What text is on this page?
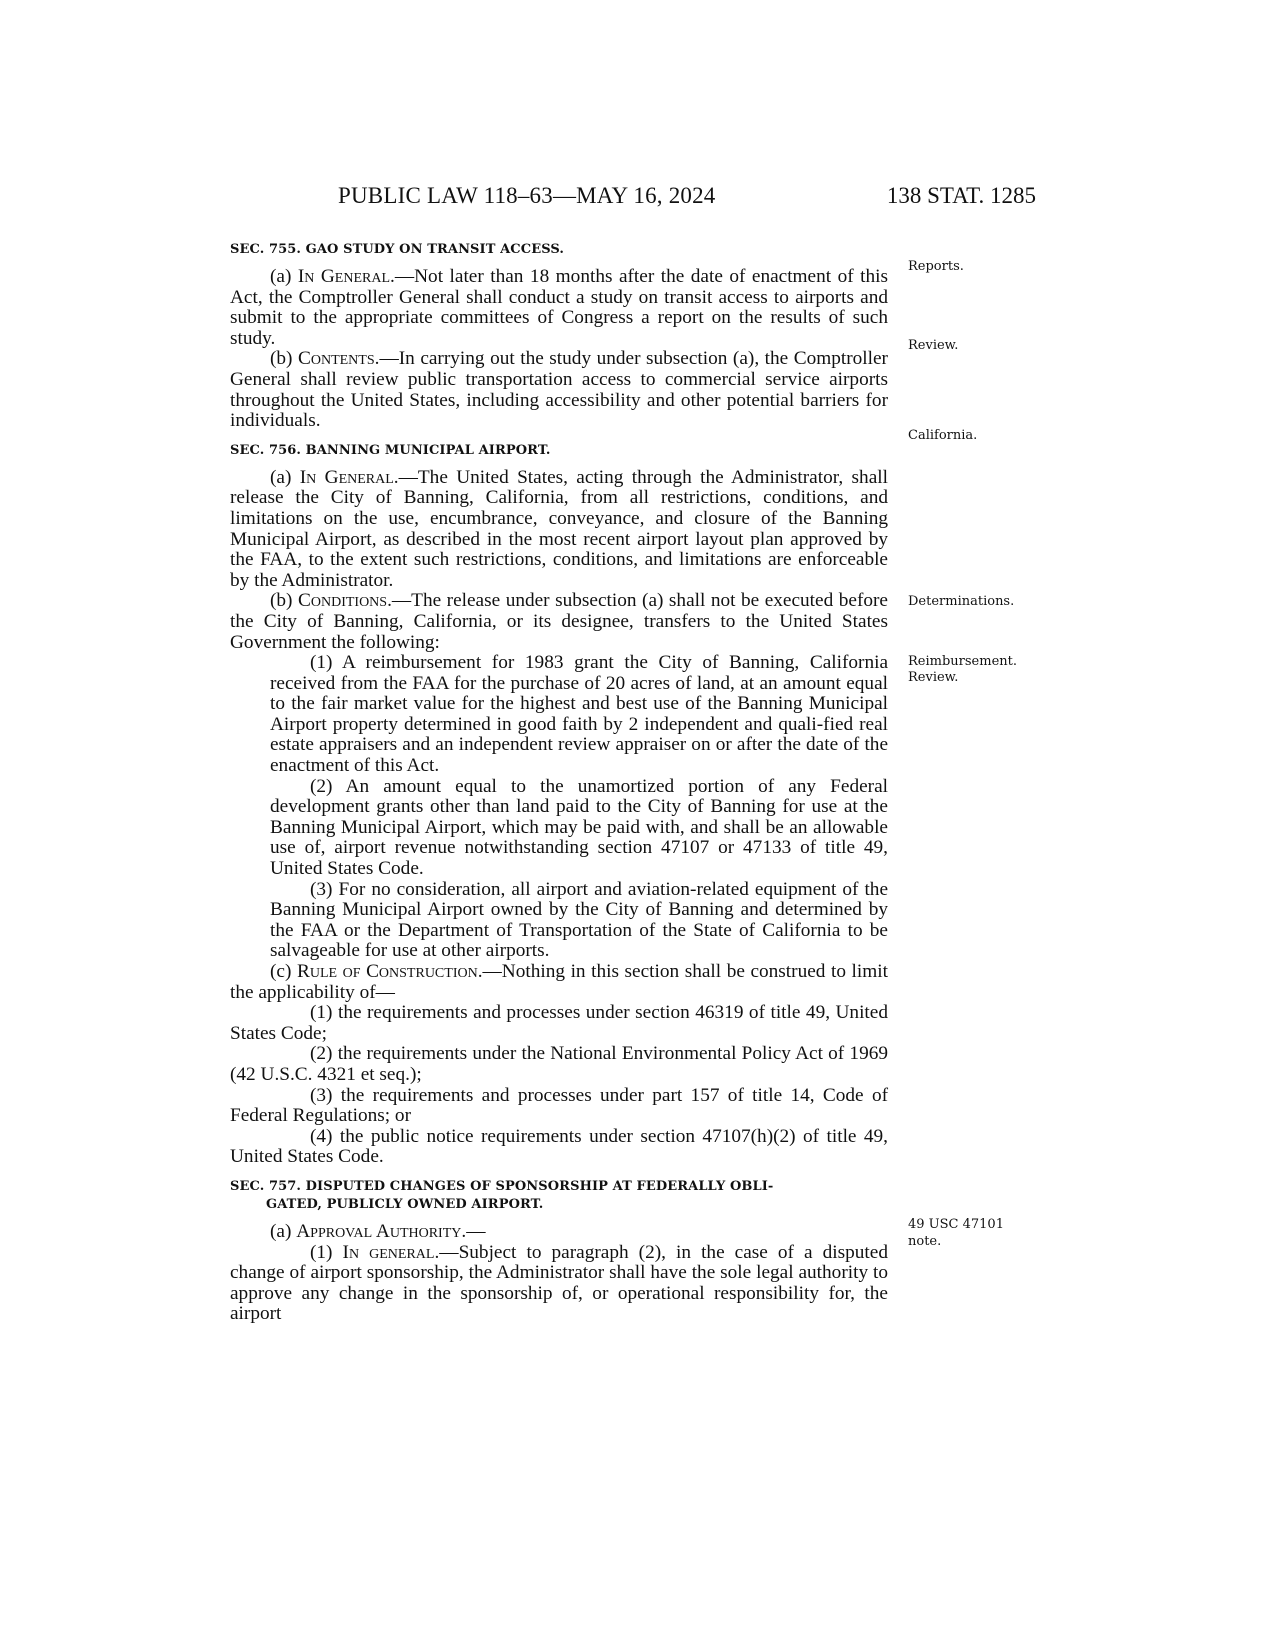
PUBLIC LAW 118–63—MAY 16, 2024	138 STAT. 1285
SEC. 755. GAO STUDY ON TRANSIT ACCESS.

(a) In General.—Not later than 18 months after the date of enactment of this Act, the Comptroller General shall conduct a study on transit access to airports and submit to the appropriate committees of Congress a report on the results of such study.

(b) Contents.—In carrying out the study under subsection (a), the Comptroller General shall review public transportation access to commercial service airports throughout the United States, including accessibility and other potential barriers for individuals.

SEC. 756. BANNING MUNICIPAL AIRPORT.

(a) In General.—The United States, acting through the Administrator, shall release the City of Banning, California, from all restrictions, conditions, and limitations on the use, encumbrance, conveyance, and closure of the Banning Municipal Airport, as described in the most recent airport layout plan approved by the FAA, to the extent such restrictions, conditions, and limitations are enforceable by the Administrator.

(b) Conditions.—The release under subsection (a) shall not be executed before the City of Banning, California, or its designee, transfers to the United States Government the following:

(1) A reimbursement for 1983 grant the City of Banning, California received from the FAA for the purchase of 20 acres of land, at an amount equal to the fair market value for the highest and best use of the Banning Municipal Airport property determined in good faith by 2 independent and quali-fied real estate appraisers and an independent review appraiser on or after the date of the enactment of this Act.

(2) An amount equal to the unamortized portion of any Federal development grants other than land paid to the City of Banning for use at the Banning Municipal Airport, which may be paid with, and shall be an allowable use of, airport revenue notwithstanding section 47107 or 47133 of title 49, United States Code.

(3) For no consideration, all airport and aviation-related equipment of the Banning Municipal Airport owned by the City of Banning and determined by the FAA or the Department of Transportation of the State of California to be salvageable for use at other airports.

(c) Rule of Construction.—Nothing in this section shall be construed to limit the applicability of—

(1) the requirements and processes under section 46319 of title 49, United States Code;

(2) the requirements under the National Environmental Policy Act of 1969 (42 U.S.C. 4321 et seq.);

(3) the requirements and processes under part 157 of title 14, Code of Federal Regulations; or

(4) the public notice requirements under section 47107(h)(2) of title 49, United States Code.

SEC. 757. DISPUTED CHANGES OF SPONSORSHIP AT FEDERALLY OBLI-
GATED, PUBLICLY OWNED AIRPORT.

(a) Approval Authority.—

(1) In general.—Subject to paragraph (2), in the case of a disputed change of airport sponsorship, the Administrator shall have the sole legal authority to approve any change in the sponsorship of, or operational responsibility for, the airport

Reports.
Review.
California.
Determinations.
Reimbursement.
Review.
49 USC 47101
note.
